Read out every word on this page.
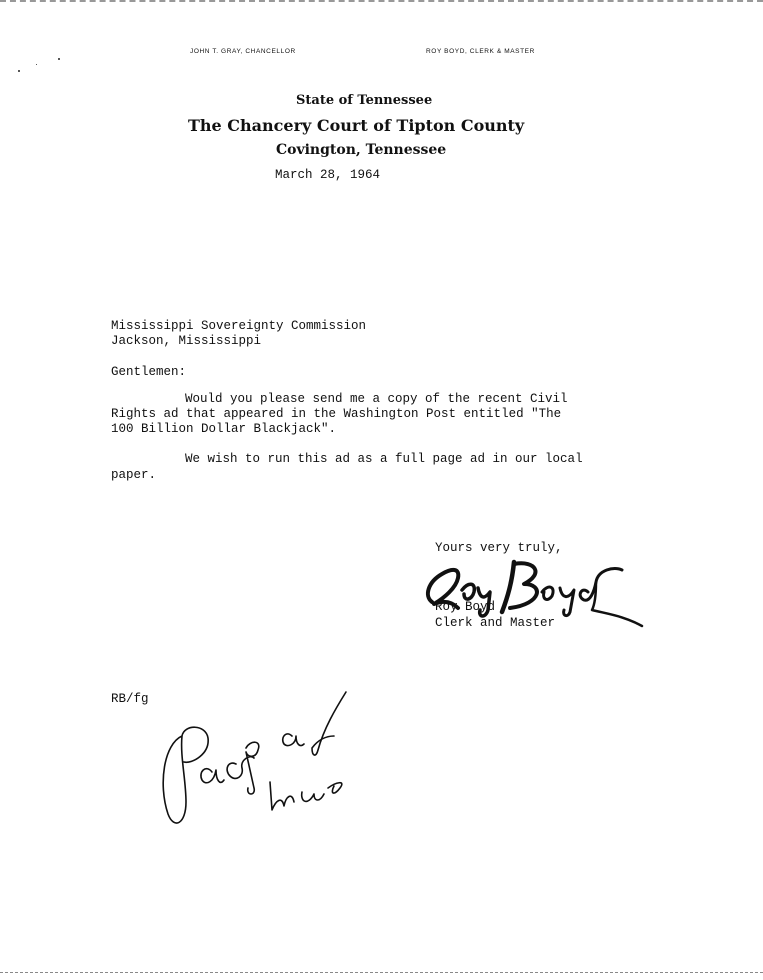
JOHN T. GRAY, CHANCELLOR	ROY BOYD, CLERK & MASTER
State of Tennessee
The Chancery Court of Tipton County
Covington, Tennessee
March 28, 1964
Mississippi Sovereignty Commission
Jackson, Mississippi
Gentlemen:
Would you please send me a copy of the recent Civil
Rights ad that appeared in the Washington Post entitled "The
100 Billion Dollar Blackjack".
We wish to run this ad as a full page ad in our local
paper.
Yours very truly,
Roy Boyd
Clerk and Master
RB/fg
